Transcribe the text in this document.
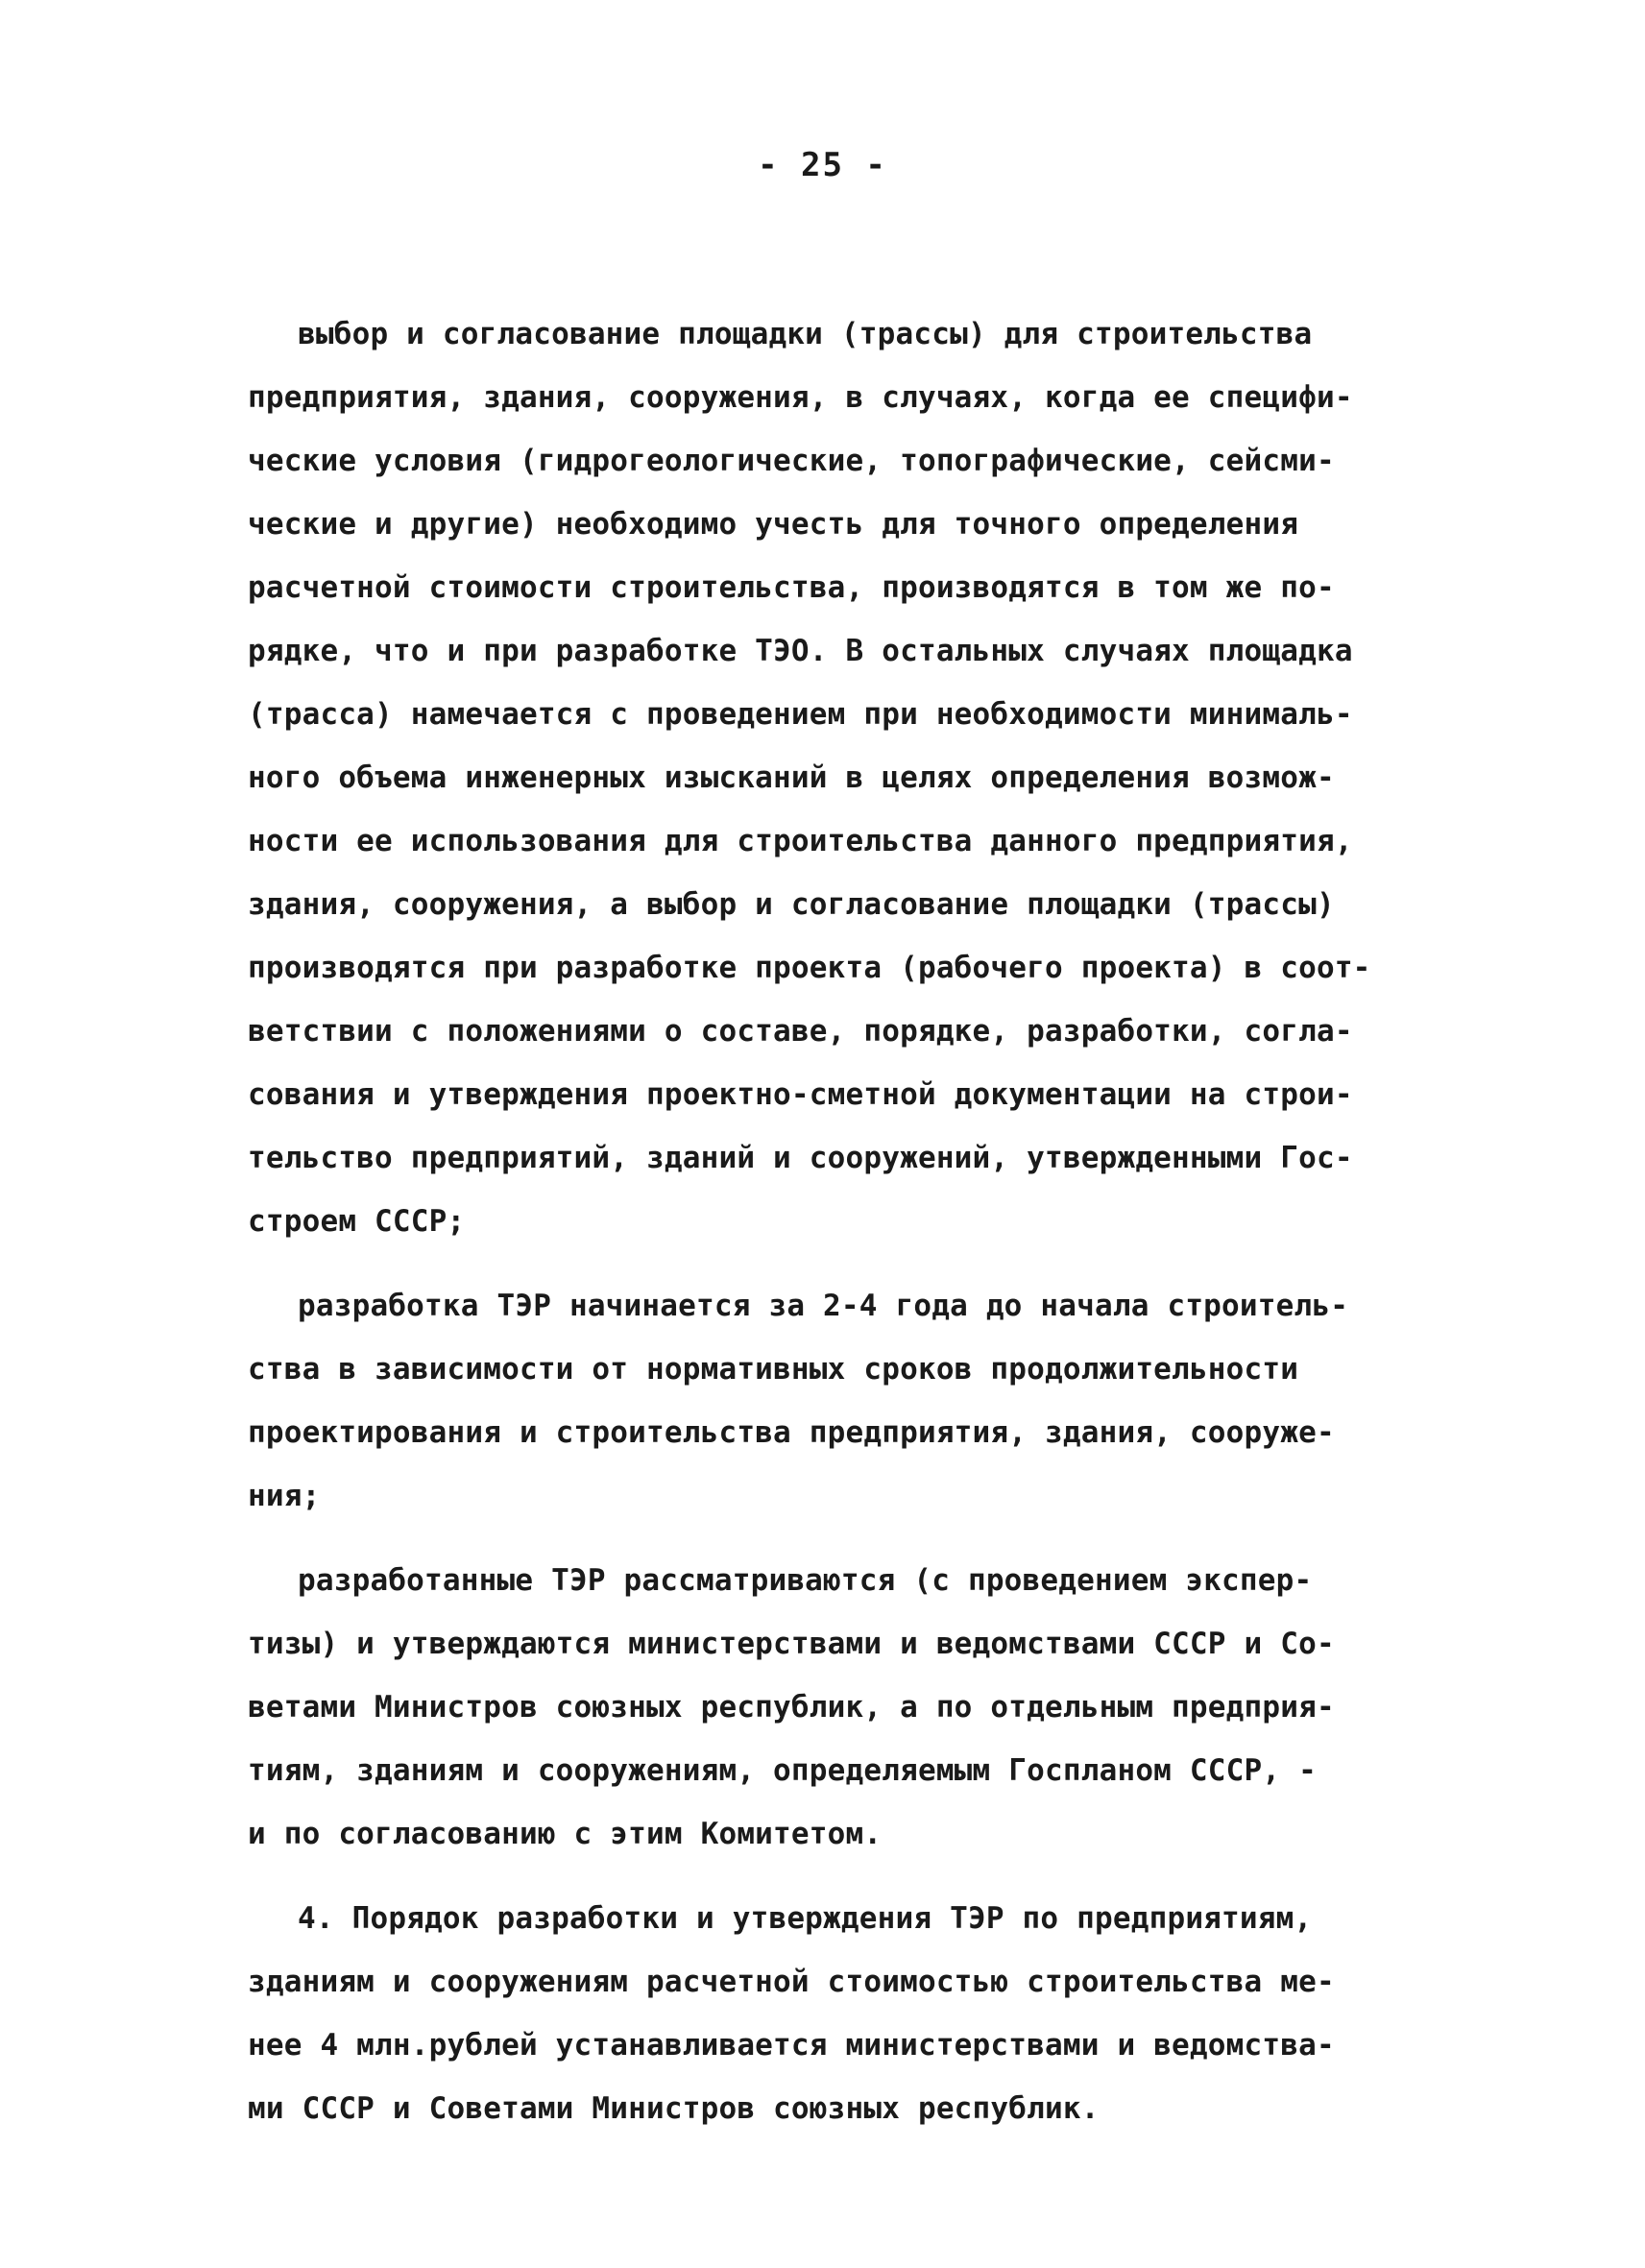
- 25 -
выбор и согласование площадки (трассы) для строительства
предприятия, здания, сооружения, в случаях, когда ее специфи-
ческие условия (гидрогеологические, топографические, сейсми-
ческие и другие) необходимо учесть для точного определения
расчетной стоимости строительства, производятся в том же по-
рядке, что и при разработке ТЭО. В остальных случаях площадка
(трасса) намечается с проведением при необходимости минималь-
ного объема инженерных изысканий в целях определения возмож-
ности ее использования для строительства данного предприятия,
здания, сооружения, а выбор и согласование площадки (трассы)
производятся при разработке проекта (рабочего проекта) в соот-
ветствии с положениями о составе, порядке, разработки, согла-
сования и утверждения проектно-сметной документации на строи-
тельство предприятий, зданий и сооружений, утвержденными Гос-
строем СССР;
разработка ТЭР начинается за 2-4 года до начала строитель-
ства в зависимости от нормативных сроков продолжительности
проектирования и строительства предприятия, здания, сооруже-
ния;
разработанные ТЭР рассматриваются (с проведением экспер-
тизы) и утверждаются министерствами и ведомствами СССР и Со-
ветами Министров союзных республик, а по отдельным предприя-
тиям, зданиям и сооружениям, определяемым Госпланом СССР, -
и по согласованию с этим Комитетом.
4. Порядок разработки и утверждения ТЭР по предприятиям,
зданиям и сооружениям расчетной стоимостью строительства ме-
нее 4 млн.рублей устанавливается министерствами и ведомства-
ми СССР и Советами Министров союзных республик.
